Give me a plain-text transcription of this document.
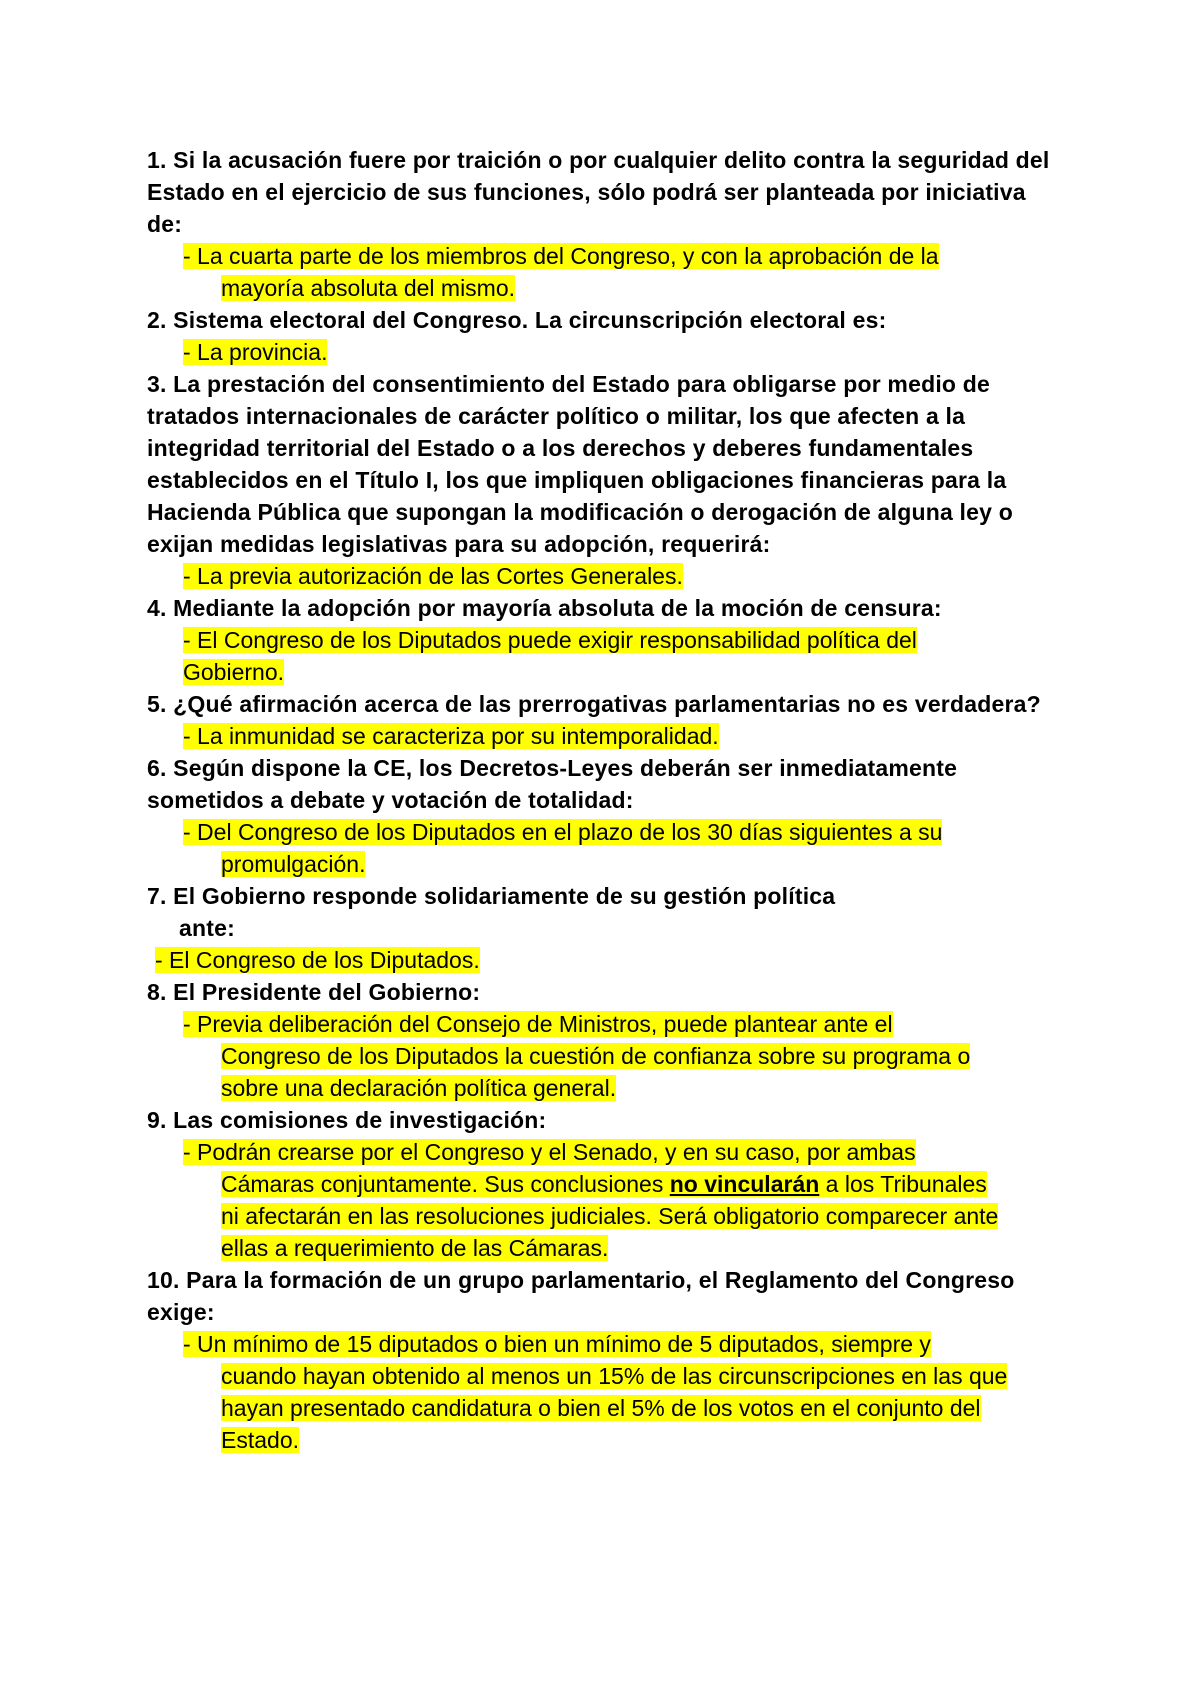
1. Si la acusación fuere por traición o por cualquier delito contra la seguridad del Estado en el ejercicio de sus funciones, sólo podrá ser planteada por iniciativa de:
- La cuarta parte de los miembros del Congreso, y con la aprobación de la
mayoría absoluta del mismo.
2. Sistema electoral del Congreso. La circunscripción electoral es:
- La provincia.
3. La prestación del consentimiento del Estado para obligarse por medio de tratados internacionales de carácter político o militar, los que afecten a la integridad territorial del Estado o a los derechos y deberes fundamentales establecidos en el Título I, los que impliquen obligaciones financieras para la Hacienda Pública que supongan la modificación o derogación de alguna ley o exijan medidas legislativas para su adopción, requerirá:
- La previa autorización de las Cortes Generales.
4. Mediante la adopción por mayoría absoluta de la moción de censura:
- El Congreso de los Diputados puede exigir responsabilidad política del
Gobierno.
5. ¿Qué afirmación acerca de las prerrogativas parlamentarias no es verdadera?
- La inmunidad se caracteriza por su intemporalidad.
6. Según dispone la CE, los Decretos-Leyes deberán ser inmediatamente sometidos a debate y votación de totalidad:
- Del Congreso de los Diputados en el plazo de los 30 días siguientes a su
promulgación.
7. El Gobierno responde solidariamente de su gestión política
ante:
- El Congreso de los Diputados.
8. El Presidente del Gobierno:
- Previa deliberación del Consejo de Ministros, puede plantear ante el
Congreso de los Diputados la cuestión de confianza sobre su programa o
sobre una declaración política general.
9. Las comisiones de investigación:
- Podrán crearse por el Congreso y el Senado, y en su caso, por ambas
Cámaras conjuntamente. Sus conclusiones no vincularán a los Tribunales
ni afectarán en las resoluciones judiciales. Será obligatorio comparecer ante
ellas a requerimiento de las Cámaras.
10. Para la formación de un grupo parlamentario, el Reglamento del Congreso exige:
- Un mínimo de 15 diputados o bien un mínimo de 5 diputados, siempre y
cuando hayan obtenido al menos un 15% de las circunscripciones en las que
hayan presentado candidatura o bien el 5% de los votos en el conjunto del
Estado.
